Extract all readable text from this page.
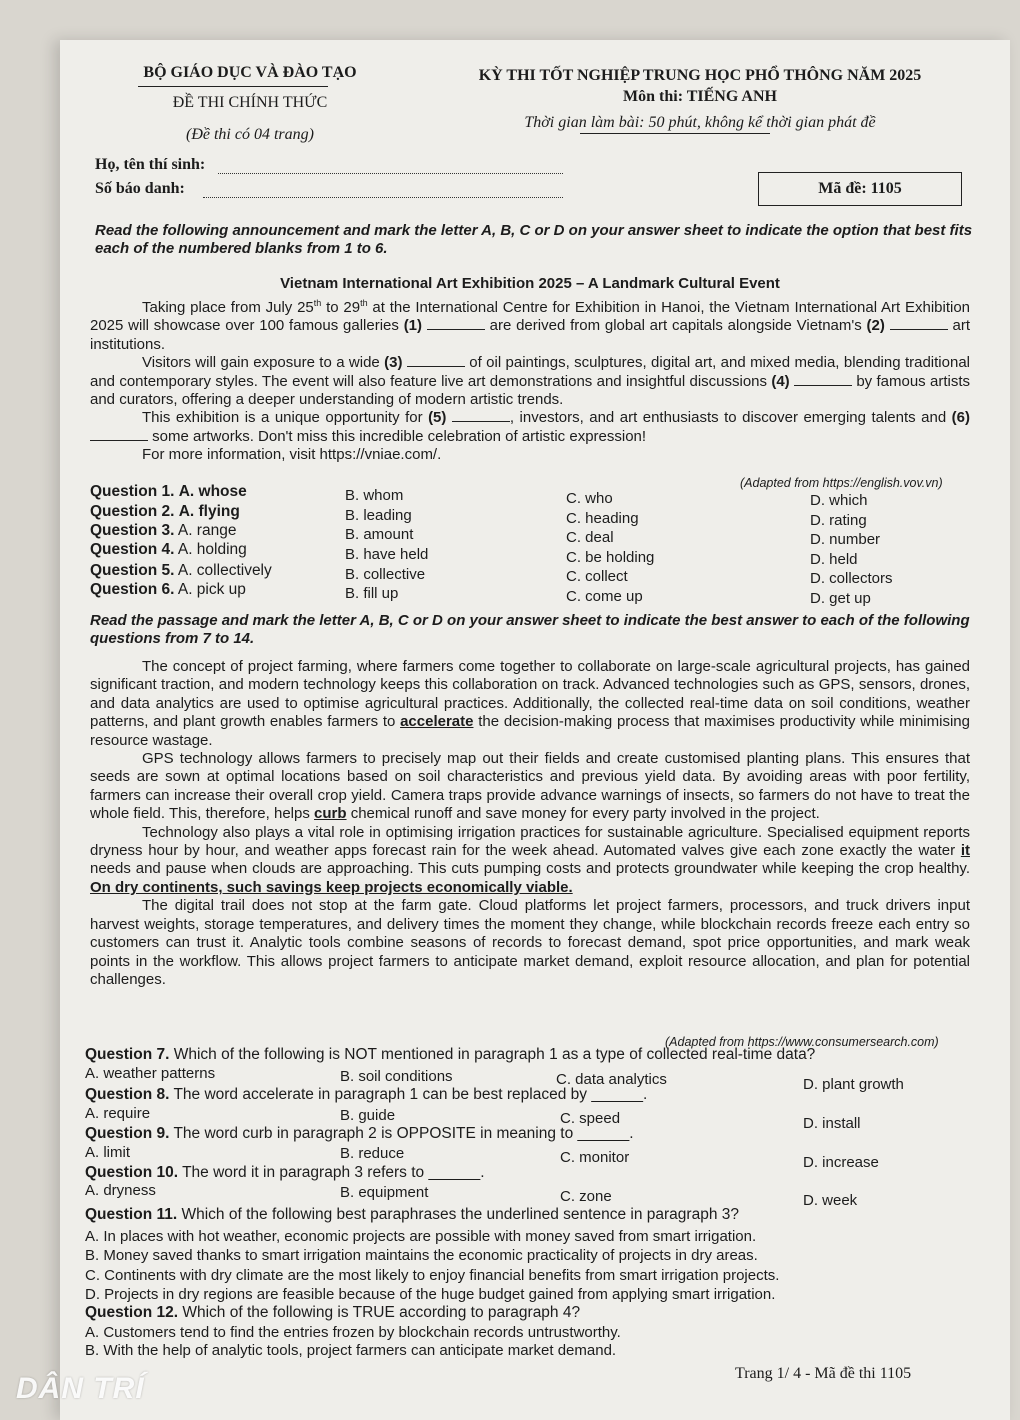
BỘ GIÁO DỤC VÀ ĐÀO TẠO
ĐỀ THI CHÍNH THỨC
(Đề thi có 04 trang)
KỲ THI TỐT NGHIỆP TRUNG HỌC PHỔ THÔNG NĂM 2025
Môn thi: TIẾNG ANH
Thời gian làm bài: 50 phút, không kể thời gian phát đề
Họ, tên thí sinh:
Số báo danh:	Mã đề: 1105
Read the following announcement and mark the letter A, B, C or D on your answer sheet to indicate the option that best fits each of the numbered blanks from 1 to 6.
Vietnam International Art Exhibition 2025 – A Landmark Cultural Event

Taking place from July 25th to 29th at the International Centre for Exhibition in Hanoi, the Vietnam International Art Exhibition 2025 will showcase over 100 famous galleries (1)	are derived from global art capitals alongside Vietnam's (2)	art institutions.

Visitors will gain exposure to a wide (3)	of oil paintings, sculptures, digital art, and mixed media, blending traditional and contemporary styles. The event will also feature live art demonstrations and insightful discussions (4)	by famous artists and curators, offering a deeper understanding of modern artistic trends.

This exhibition is a unique opportunity for (5)	, investors, and art enthusiasts to discover emerging talents and (6)  some artworks. Don't miss this incredible celebration of artistic expression!

For more information, visit https://vniae.com/.

(Adapted from https://english.vov.vn)
Question 1. A. whose	B. whom	C. who	D. which
Question 2. A. flying	B. leading	C. heading	D. rating
Question 3. A. range	B. amount	C. deal	D. number
Question 4. A. holding	B. have held	C. be holding	D. held
Question 5. A. collectively	B. collective	C. collect	D. collectors
Question 6. A. pick up	B. fill up	C. come up	D. get up
Read the passage and mark the letter A, B, C or D on your answer sheet to indicate the best answer to each of the following questions from 7 to 14.

The concept of project farming, where farmers come together to collaborate on large-scale agricultural projects, has gained significant traction, and modern technology keeps this collaboration on track. Advanced technologies such as GPS, sensors, drones, and data analytics are used to optimise agricultural practices. Additionally, the collected real-time data on soil conditions, weather patterns, and plant growth enables farmers to accelerate the decision-making process that maximises productivity while minimising resource wastage.

GPS technology allows farmers to precisely map out their fields and create customised planting plans. This ensures that seeds are sown at optimal locations based on soil characteristics and previous yield data. By avoiding areas with poor fertility, farmers can increase their overall crop yield. Camera traps provide advance warnings of insects, so farmers do not have to treat the whole field. This, therefore, helps curb chemical runoff and save money for every party involved in the project.

Technology also plays a vital role in optimising irrigation practices for sustainable agriculture. Specialised equipment reports dryness hour by hour, and weather apps forecast rain for the week ahead. Automated valves give each zone exactly the water it needs and pause when clouds are approaching. This cuts pumping costs and protects groundwater while keeping the crop healthy. On dry continents, such savings keep projects economically viable.

The digital trail does not stop at the farm gate. Cloud platforms let project farmers, processors, and truck drivers input harvest weights, storage temperatures, and delivery times the moment they change, while blockchain records freeze each entry so customers can trust it. Analytic tools combine seasons of records to forecast demand, spot price opportunities, and mark weak points in the workflow. This allows project farmers to anticipate market demand, exploit resource allocation, and plan for potential challenges.

(Adapted from https://www.consumersearch.com)
Question 7. Which of the following is NOT mentioned in paragraph 1 as a type of collected real-time data?
A. weather patterns	B. soil conditions	C. data analytics	D. plant growth
Question 8. The word accelerate in paragraph 1 can be best replaced by ______.
A. require	B. guide	C. speed	D. install
Question 9. The word curb in paragraph 2 is OPPOSITE in meaning to ______.
A. limit	B. reduce	C. monitor	D. increase
Question 10. The word it in paragraph 3 refers to ______.
A. dryness	B. equipment	C. zone	D. week
Question 11. Which of the following best paraphrases the underlined sentence in paragraph 3?
A. In places with hot weather, economic projects are possible with money saved from smart irrigation.
B. Money saved thanks to smart irrigation maintains the economic practicality of projects in dry areas.
C. Continents with dry climate are the most likely to enjoy financial benefits from smart irrigation projects.
D. Projects in dry regions are feasible because of the huge budget gained from applying smart irrigation.
Question 12. Which of the following is TRUE according to paragraph 4?
A. Customers tend to find the entries frozen by blockchain records untrustworthy.
B. With the help of analytic tools, project farmers can anticipate market demand.
Trang 1/ 4 - Mã đề thi 1105
DÂN TRÍ
